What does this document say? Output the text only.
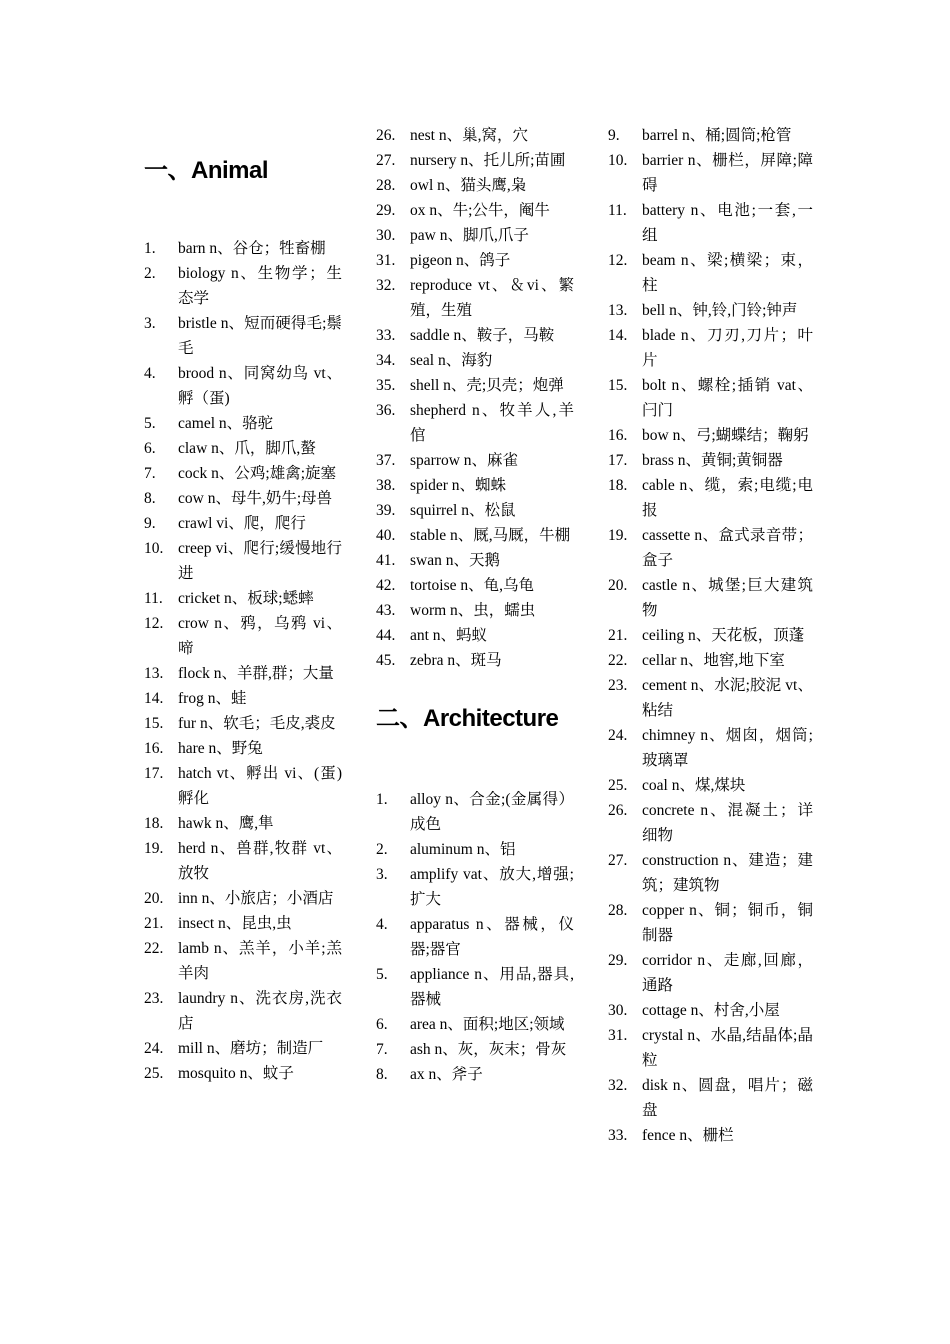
一、Animal
1. barn n、谷仓；牲畜棚
2. biology n、生物学；生态学
3. bristle n、短而硬得毛;鬃毛
4. brood n、同窝幼鸟 vt、孵（蛋)
5. camel n、骆驼
6. claw n、爪，脚爪,螯
7. cock n、公鸡;雄禽;旋塞
8. cow n、母牛,奶牛;母兽
9. crawl vi、爬，爬行
10. creep vi、爬行;缓慢地行进
11. cricket n、板球;蟋蟀
12. crow n、鸦，乌鸦 vi、啼
13. flock n、羊群,群；大量
14. frog n、蛙
15. fur n、软毛；毛皮,裘皮
16. hare n、野兔
17. hatch vt、孵出 vi、(蛋)孵化
18. hawk n、鹰,隼
19. herd n、兽群,牧群 vt、放牧
20. inn n、小旅店；小酒店
21. insect n、昆虫,虫
22. lamb n、羔羊，小羊;羔羊肉
23. laundry n、洗衣房,洗衣店
24. mill n、磨坊；制造厂
25. mosquito n、蚊子
26. nest n、巢,窝，穴
27. nursery n、托儿所;苗圃
28. owl n、猫头鹰,枭
29. ox n、牛;公牛，阉牛
30. paw n、脚爪,爪子
31. pigeon n、鸽子
32. reproduce vt、＆vi、繁殖，生殖
33. saddle n、鞍子，马鞍
34. seal n、海豹
35. shell n、壳;贝壳；炮弹
36. shepherd n、牧羊人,羊倌
37. sparrow n、麻雀
38. spider n、蜘蛛
39. squirrel n、松鼠
40. stable n、厩,马厩，牛棚
41. swan n、天鹅
42. tortoise n、龟,乌龟
43. worm n、虫，蠕虫
44. ant n、蚂蚁
45. zebra n、斑马
二、Architecture
1. alloy n、合金;(金属得）成色
2. aluminum n、铝
3. amplify vat、放大,增强;扩大
4. apparatus n、器械，仪器;器官
5. appliance n、用品,器具,器械
6. area n、面积;地区;领域
7. ash n、灰，灰末；骨灰
8. ax n、斧子
9. barrel n、桶;圆筒;枪管
10. barrier n、栅栏，屏障;障碍
11. battery n、电池;一套,一组
12. beam n、梁;横梁；束，柱
13. bell n、钟,铃,门铃;钟声
14. blade n、刀刃,刀片；叶片
15. bolt n、螺栓;插销 vat、闩门
16. bow n、弓;蝴蝶结；鞠躬
17. brass n、黄铜;黄铜器
18. cable n、缆，索;电缆;电报
19. cassette n、盒式录音带；盒子
20. castle n、城堡;巨大建筑物
21. ceiling n、天花板，顶蓬
22. cellar n、地窖,地下室
23. cement n、水泥;胶泥 vt、粘结
24. chimney n、烟囱，烟筒;玻璃罩
25. coal n、煤,煤块
26. concrete n、混凝土；详细物
27. construction n、建造；建筑；建筑物
28. copper n、铜；铜币，铜制器
29. corridor n、走廊,回廊，通路
30. cottage n、村舍,小屋
31. crystal n、水晶,结晶体;晶粒
32. disk n、圆盘，唱片；磁盘
33. fence n、栅栏
